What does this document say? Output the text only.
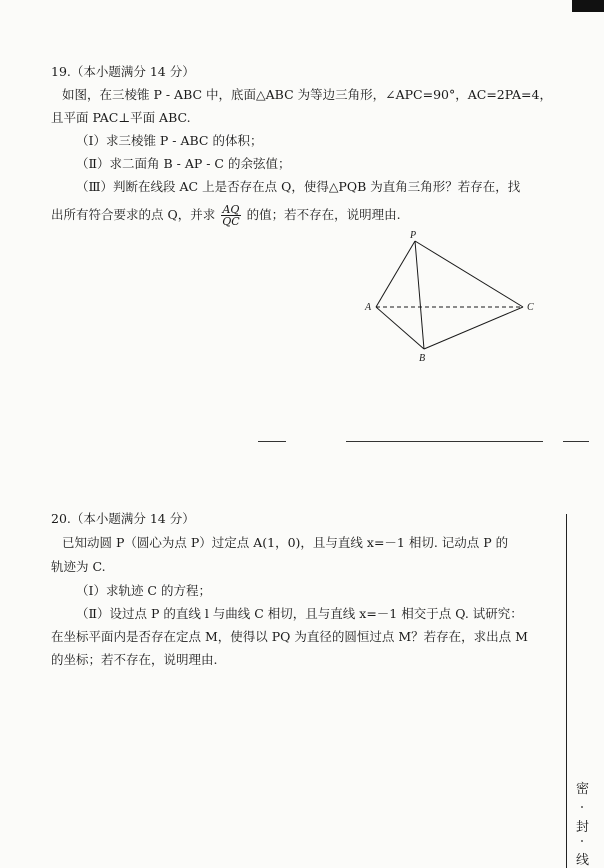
19.（本小题满分 14 分）
如图，在三棱锥 P - ABC 中，底面△ABC 为等边三角形，∠APC=90°，AC=2PA=4，
且平面 PAC⊥平面 ABC.
（Ⅰ）求三棱锥 P - ABC 的体积；
（Ⅱ）求二面角 B - AP - C 的余弦值；
（Ⅲ）判断在线段 AC 上是否存在点 Q，使得△PQB 为直角三角形？若存在，找
出所有符合要求的点 Q，并求 $\frac{AQ}{QC}$ 的值；若不存在，说明理由.
P
A
B
C
20.（本小题满分 14 分）
已知动圆 P（圆心为点 P）过定点 A(1，0)，且与直线 x=－1 相切. 记动点 P 的
轨迹为 C.
（Ⅰ）求轨迹 C 的方程；
（Ⅱ）设过点 P 的直线 l 与曲线 C 相切，且与直线 x=－1 相交于点 Q. 试研究：
在坐标平面内是否存在定点 M，使得以 PQ 为直径的圆恒过点 M？若存在，求出点 M
的坐标；若不存在，说明理由.
密
封
线
